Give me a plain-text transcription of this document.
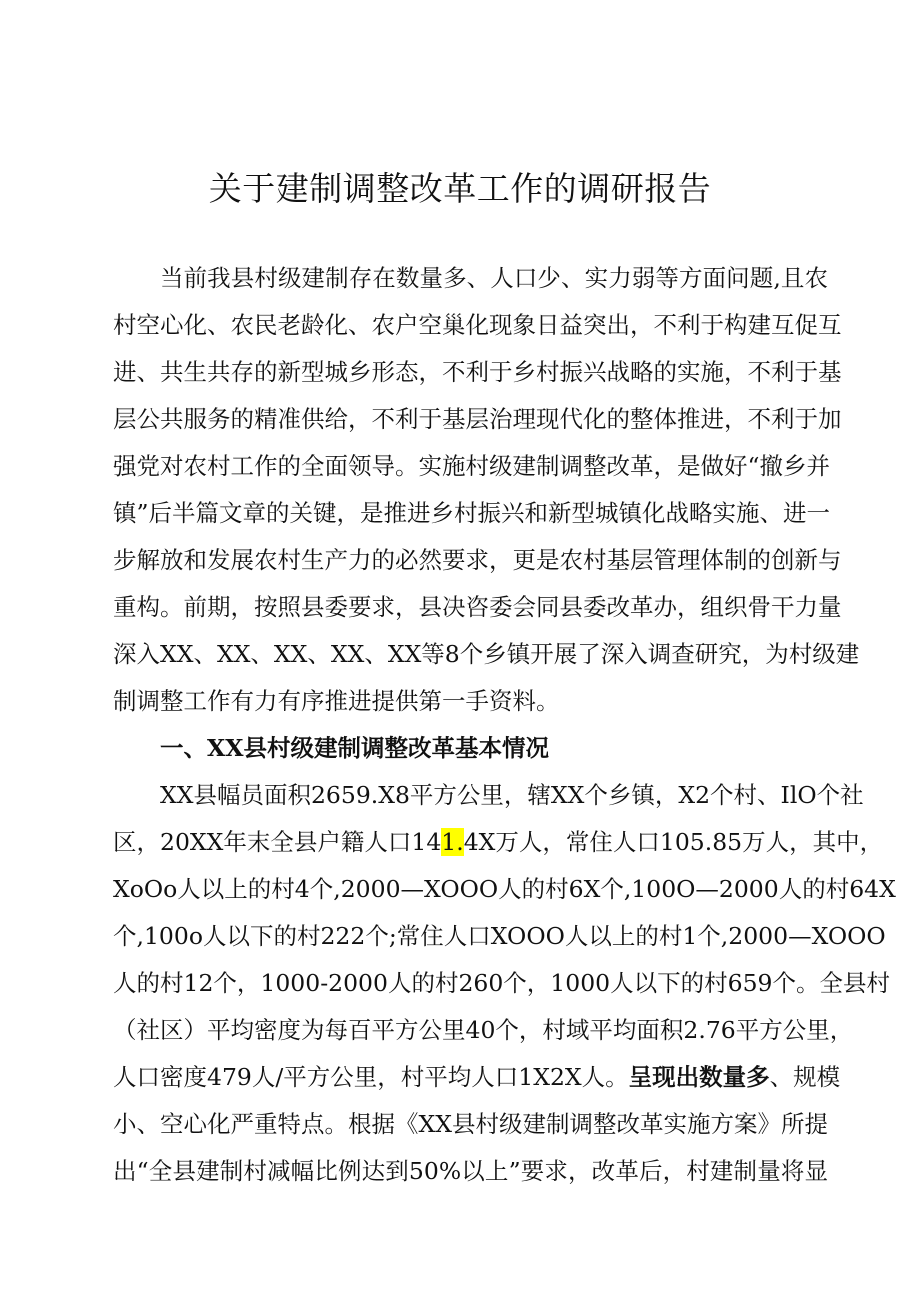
关于建制调整改革工作的调研报告
当前我县村级建制存在数量多、人口少、实力弱等方面问题,且农
村空心化、农民老龄化、农户空巢化现象日益突出，不利于构建互促互
进、共生共存的新型城乡形态，不利于乡村振兴战略的实施，不利于基
层公共服务的精准供给，不利于基层治理现代化的整体推进，不利于加
强党对农村工作的全面领导。实施村级建制调整改革，是做好“撤乡并
镇”后半篇文章的关键，是推进乡村振兴和新型城镇化战略实施、进一
步解放和发展农村生产力的必然要求，更是农村基层管理体制的创新与
重构。前期，按照县委要求，县决咨委会同县委改革办，组织骨干力量
深入XX、XX、XX、XX、XX等8个乡镇开展了深入调查研究，为村级建
制调整工作有力有序推进提供第一手资料。
一、XX县村级建制调整改革基本情况
XX县幅员面积2659.X8平方公里，辖XX个乡镇，X2个村、IlO个社
区，20XX年末全县户籍人口141.4X万人，常住人口105.85万人，其中，
XoOo人以上的村4个,2000—XOOO人的村6X个,100O—2000人的村64X
个,100o人以下的村222个;常住人口XOOO人以上的村1个,2000—XOOO
人的村12个，1000-2000人的村260个，1000人以下的村659个。全县村
（社区）平均密度为每百平方公里40个，村域平均面积2.76平方公里，
人口密度479人/平方公里，村平均人口1X2X人。呈现出数量多、规模
小、空心化严重特点。根据《XX县村级建制调整改革实施方案》所提
出“全县建制村减幅比例达到50%以上”要求，改革后，村建制量将显
